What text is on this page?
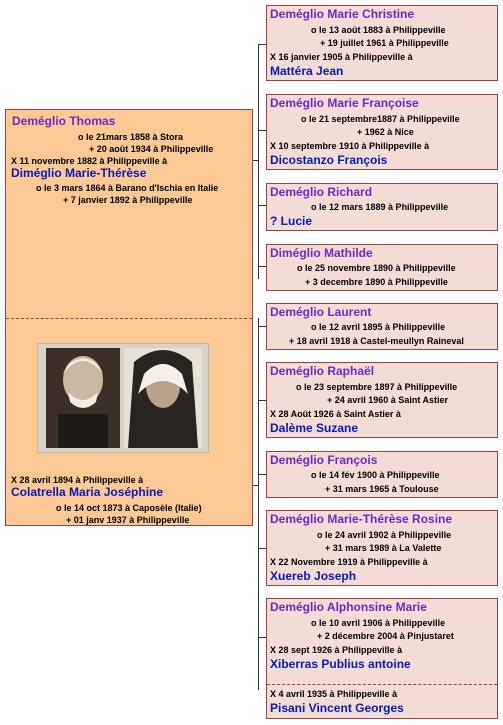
Deméglio Thomas
o le 21mars 1858 à Stora
+ 20 août 1934 à Philippeville
X 11 novembre 1882 à Philippeville à
Diméglio Marie-Thérèse
o le 3 mars 1864 à Barano d'Ischia en Italie
+ 7 janvier 1892 à Philippeville
X 28 avril 1894 à Philippeville à
Colatrella Maria Joséphine
o le 14 oct 1873 à Caposèle (Italie)
+ 01 janv 1937 à Philippeville
Deméglio Marie Christine
o le 13 août 1883 à Philippeville
+ 19 juillet 1961 à Philippeville
X 16 janvier 1905 à Philippeville à
Mattéra Jean
Deméglio Marie Françoise
o le 21 septembre1887 à Philippeville
+ 1962 à Nice
X 10 septembre 1910 à Philippeville à
Dicostanzo François
Deméglio Richard
o le 12 mars 1889 à Philippeville
? Lucie
Diméglio Mathilde
o le 25 novembre 1890 à Philippeville
+ 3 decembre 1890 à Philippeville
Deméglio Laurent
o le 12 avril 1895 à Philippeville
+ 18 avril 1918 à Castel-meullyn Raineval
Deméglio Raphaël
o le 23 septembre 1897 à Philippeville
+ 24 avril 1960 à Saint Astier
X 28 Août 1926 à Saint Astier à
Dalème Suzane
Deméglio François
o le 14 fév 1900 à Philippeville
+ 31 mars 1965 à Toulouse
Deméglio Marie-Thérèse Rosine
o le 24 avril 1902 à Philippeville
+ 31 mars 1989 à La Valette
X 22 Novembre 1919 à Philippeville à
Xuereb Joseph
Deméglio Alphonsine Marie
o le 10 avril 1906 à Philippeville
+ 2 décembre 2004 à Pinjustaret
X 28 sept 1926 à Philippeville à
Xiberras Publius antoine
X 4 avril 1935 à Philippeville à
Pisani Vincent Georges
